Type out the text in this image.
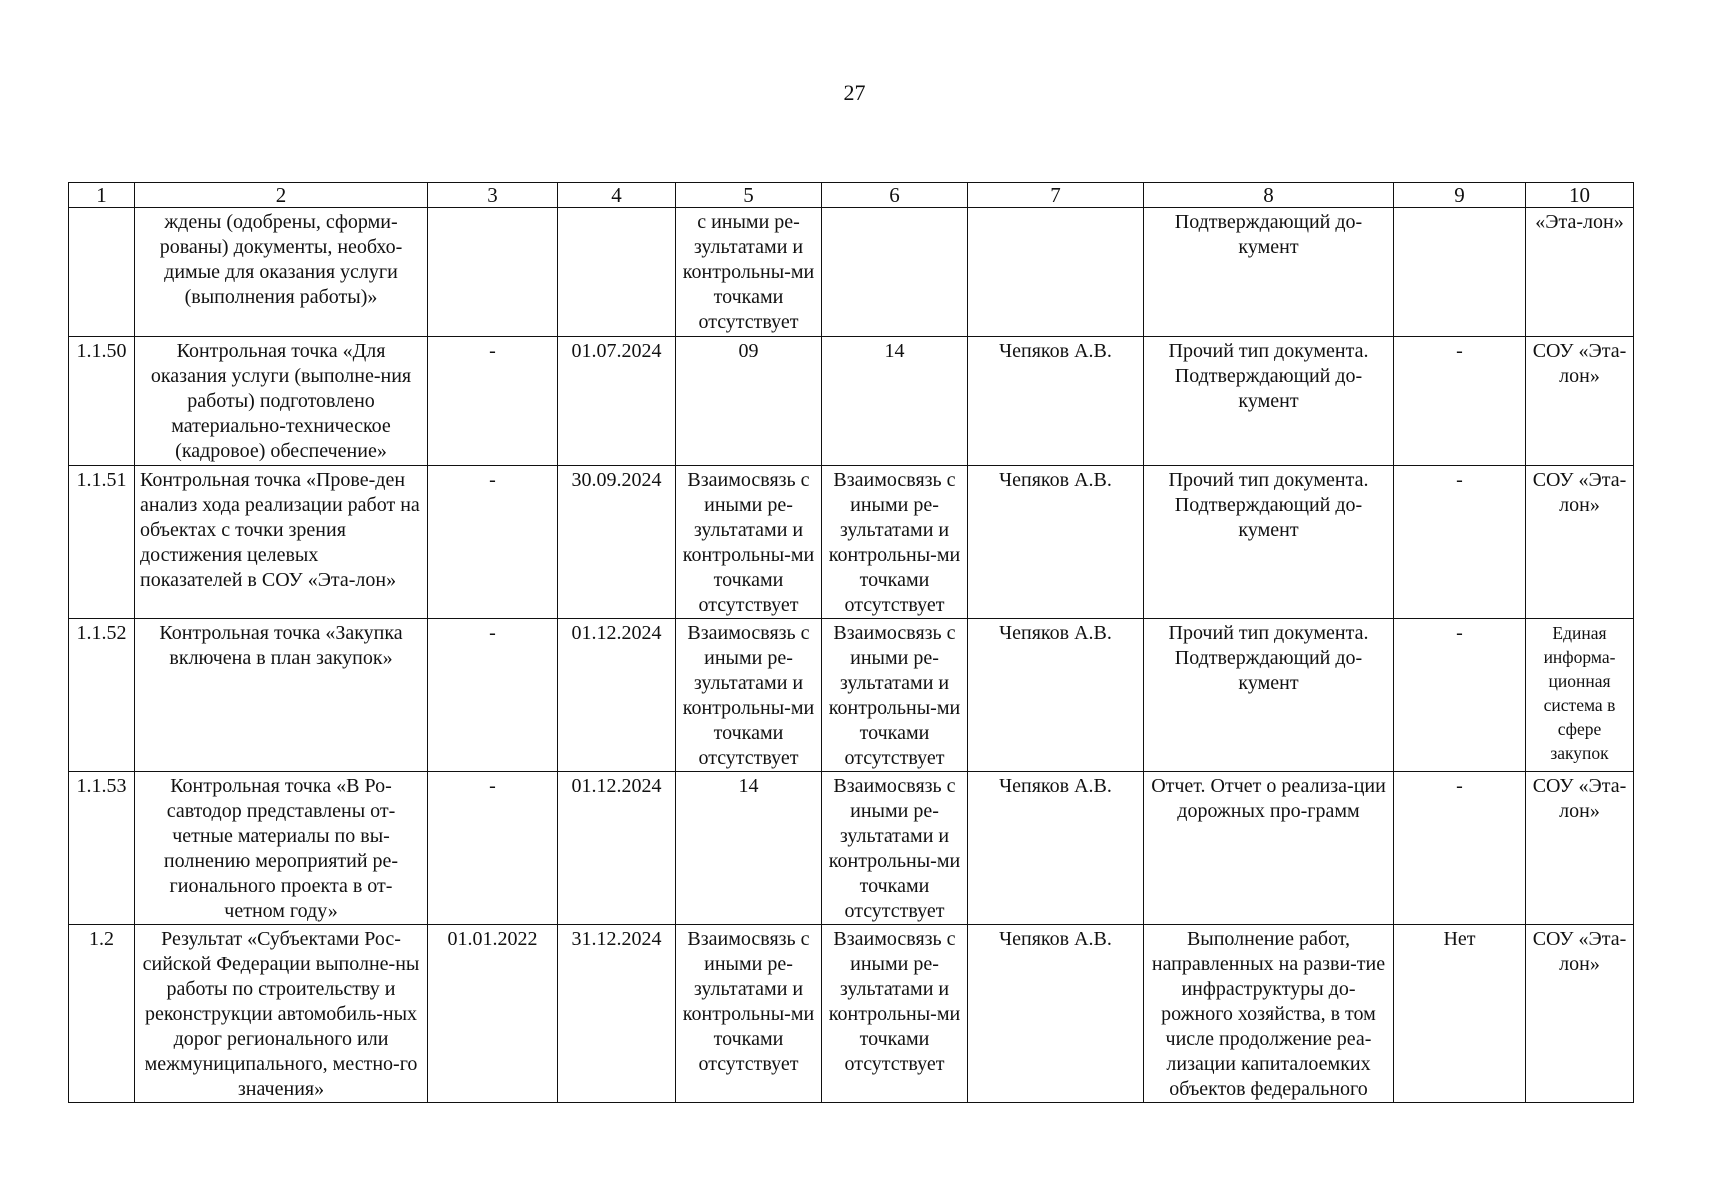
27
1	2	3	4	5	6	7	8	9	10
	ждены (одобрены, сформи-рованы) документы, необхо-димые для оказания услуги (выполнения работы)»			с иными ре-зультатами и контрольны-ми точками отсутствует			Подтверждающий до-кумент		«Эта-лон»
1.1.50	Контрольная точка «Для оказания услуги (выполне-ния работы) подготовлено материально-техническое (кадровое) обеспечение»	-	01.07.2024	09	14	Чепяков А.В.	Прочий тип документа. Подтверждающий до-кумент	-	СОУ «Эта-лон»
1.1.51	Контрольная точка «Прове-ден анализ хода реализации работ на объектах с точки зрения достижения целевых показателей в СОУ «Эта-лон»	-	30.09.2024	Взаимосвязь с иными ре-зультатами и контрольны-ми точками отсутствует	Взаимосвязь с иными ре-зультатами и контрольны-ми точками отсутствует	Чепяков А.В.	Прочий тип документа. Подтверждающий до-кумент	-	СОУ «Эта-лон»
1.1.52	Контрольная точка «Закупка включена в план закупок»	-	01.12.2024	Взаимосвязь с иными ре-зультатами и контрольны-ми точками отсутствует	Взаимосвязь с иными ре-зультатами и контрольны-ми точками отсутствует	Чепяков А.В.	Прочий тип документа. Подтверждающий до-кумент	-	Единая информа-ционная система в сфере закупок
1.1.53	Контрольная точка «В Ро-савтодор представлены от-четные материалы по вы-полнению мероприятий ре-гионального проекта в от-четном году»	-	01.12.2024	14	Взаимосвязь с иными ре-зультатами и контрольны-ми точками отсутствует	Чепяков А.В.	Отчет. Отчет о реализа-ции дорожных про-грамм	-	СОУ «Эта-лон»
1.2	Результат «Субъектами Рос-сийской Федерации выполне-ны работы по строительству и реконструкции автомобиль-ных дорог регионального или межмуниципального, местно-го значения»	01.01.2022	31.12.2024	Взаимосвязь с иными ре-зультатами и контрольны-ми точками отсутствует	Взаимосвязь с иными ре-зультатами и контрольны-ми точками отсутствует	Чепяков А.В.	Выполнение работ, направленных на разви-тие инфраструктуры до-рожного хозяйства, в том числе продолжение реа-лизации капиталоемких объектов федерального	Нет	СОУ «Эта-лон»
